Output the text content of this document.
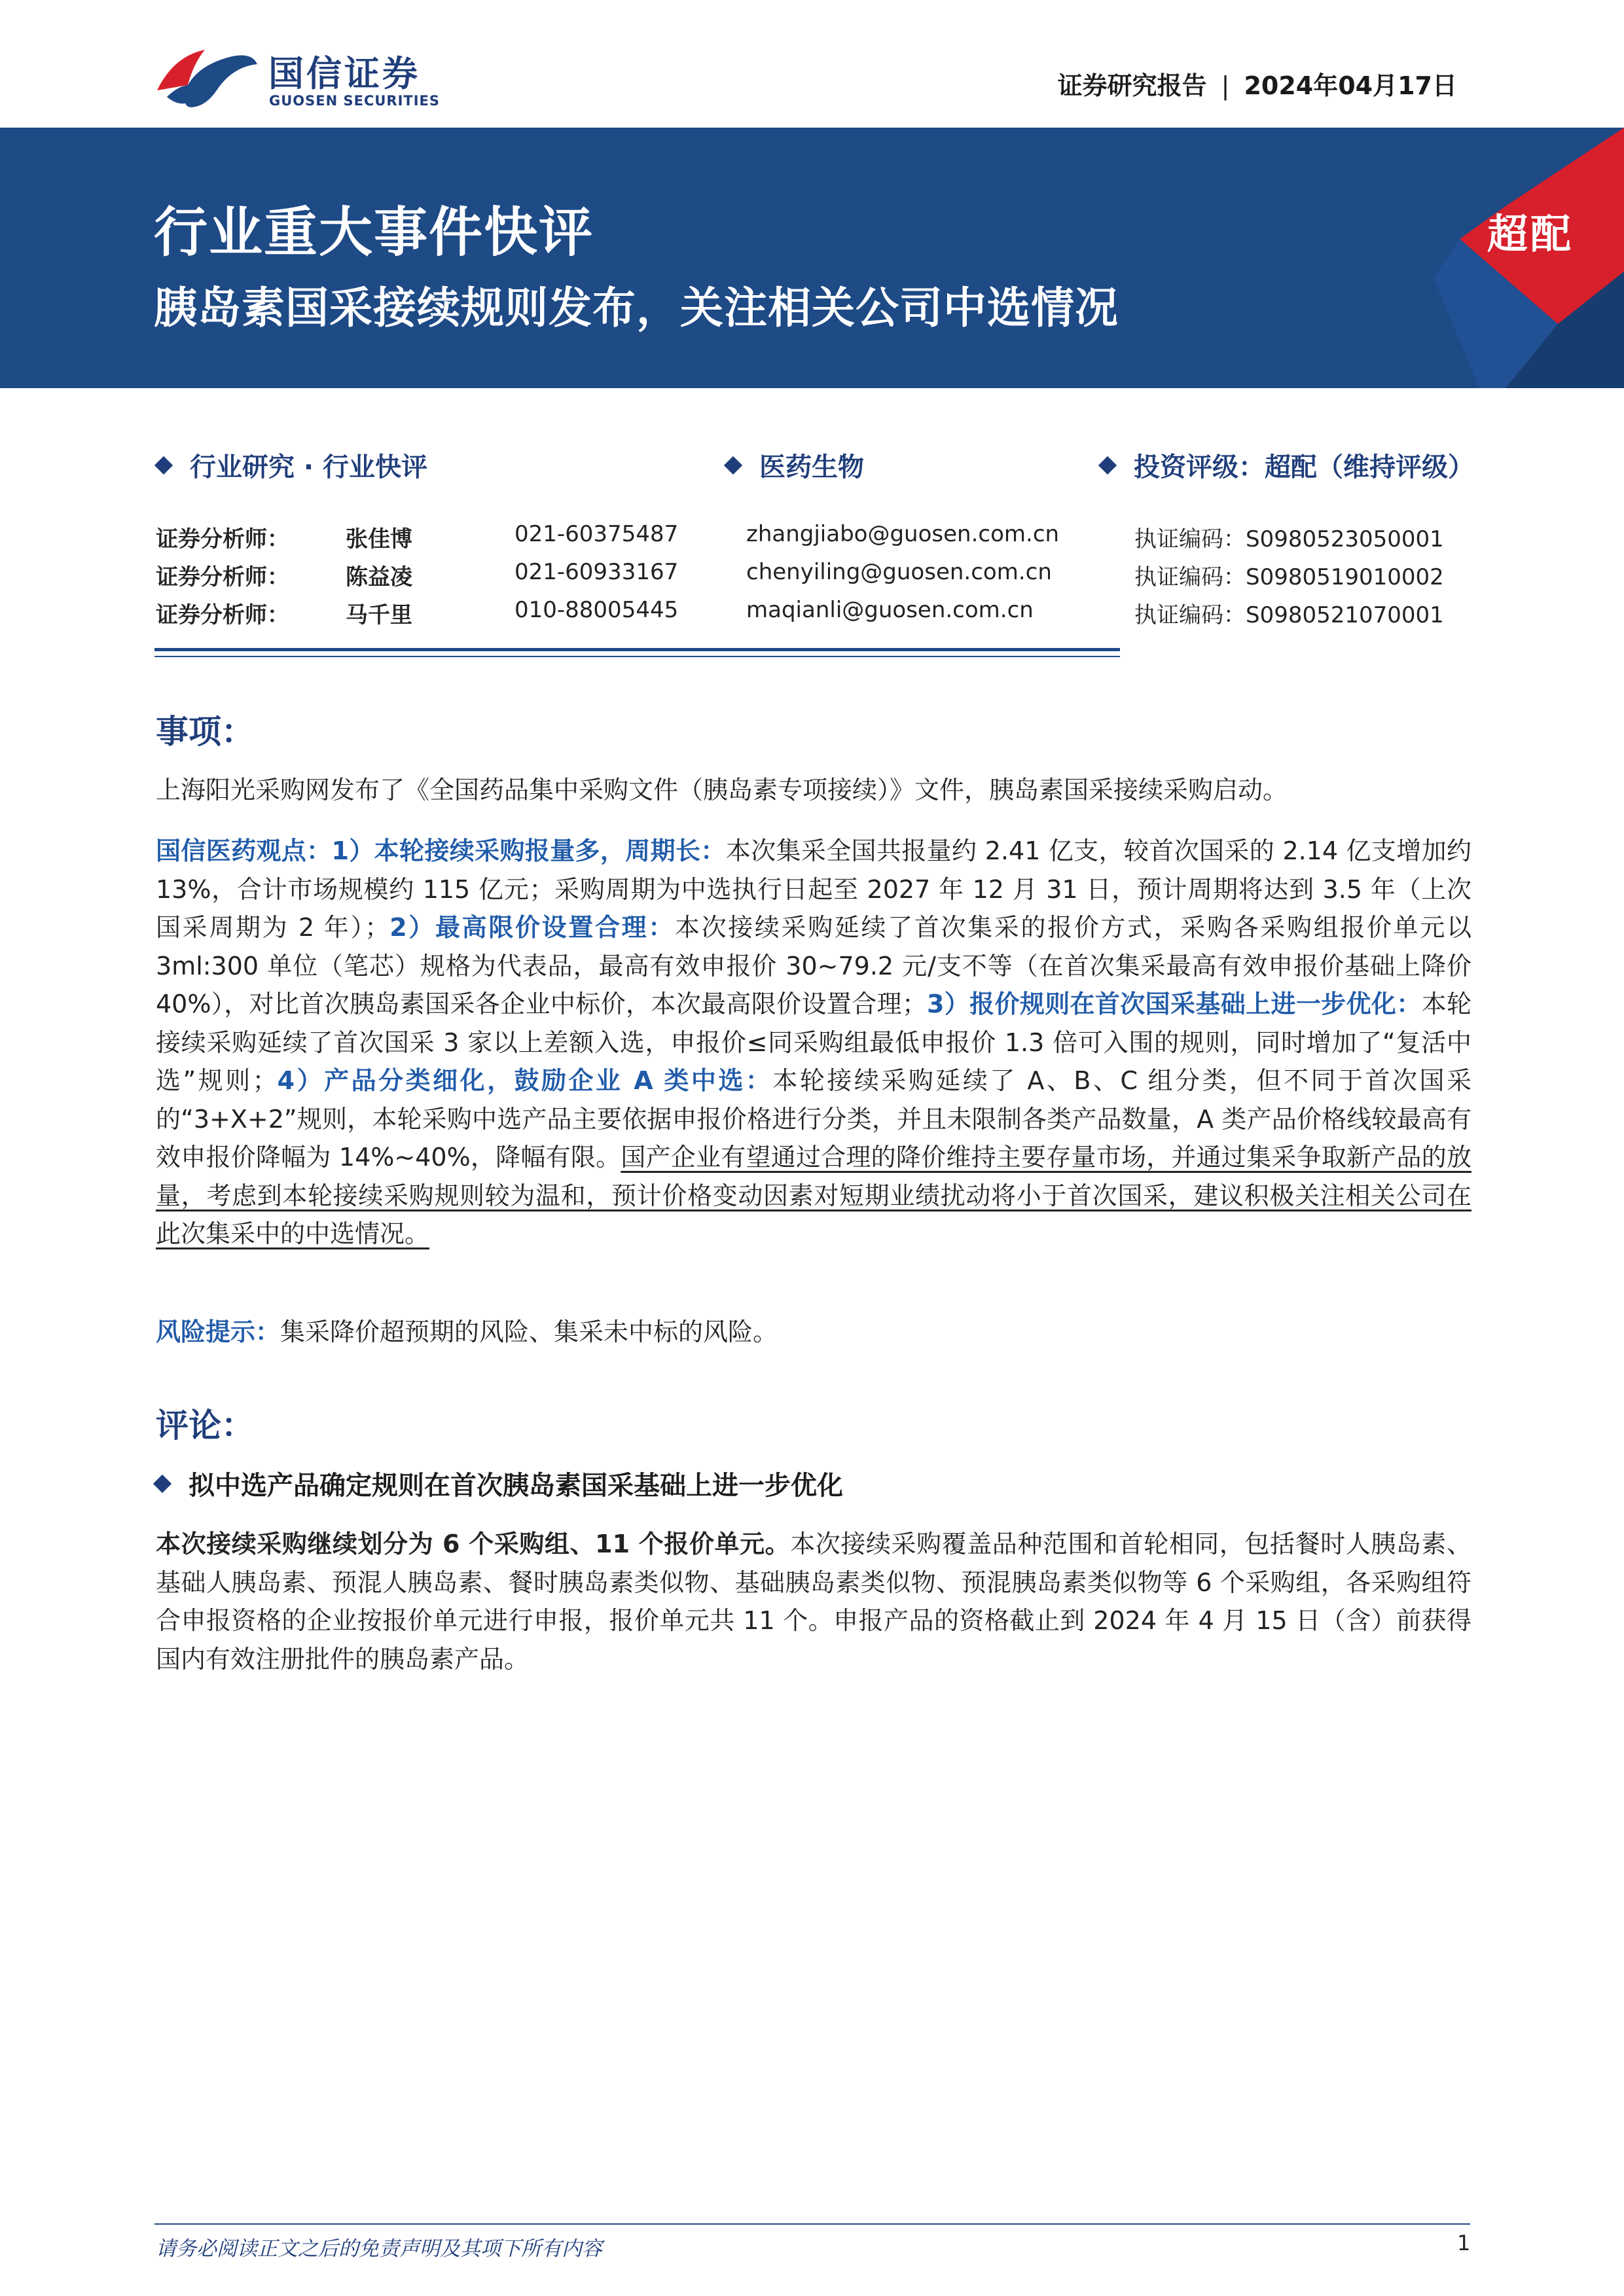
国信证券
GUOSEN SECURITIES
证券研究报告 | 2024年04月17日
超配
行业重大事件快评
胰岛素国采接续规则发布，关注相关公司中选情况
行业研究 · 行业快评	医药生物	投资评级：超配（维持评级）
证券分析师：	张佳博	021-60375487	zhangjiabo@guosen.com.cn	执证编码：S0980523050001
证券分析师：	陈益凌	021-60933167	chenyiling@guosen.com.cn	执证编码：S0980519010002
证券分析师：	马千里	010-88005445	maqianli@guosen.com.cn	执证编码：S0980521070001
事项：

上海阳光采购网发布了《全国药品集中采购文件（胰岛素专项接续）》文件，胰岛素国采接续采购启动。

国信医药观点：1）本轮接续采购报量多，周期长：本次集采全国共报量约 2.41 亿支，较首次国采的 2.14 亿支增加约 13%，合计市场规模约 115 亿元；采购周期为中选执行日起至 2027 年 12 月 31 日，预计周期将达到 3.5 年（上次国采周期为 2 年）；2）最高限价设置合理：本次接续采购延续了首次集采的报价方式，采购各采购组报价单元以 3ml:300 单位（笔芯）规格为代表品，最高有效申报价 30~79.2 元/支不等（在首次集采最高有效申报价基础上降价 40%），对比首次胰岛素国采各企业中标价，本次最高限价设置合理；3）报价规则在首次国采基础上进一步优化：本轮接续采购延续了首次国采 3 家以上差额入选，申报价≤同采购组最低申报价 1.3 倍可入围的规则，同时增加了“复活中选”规则；4）产品分类细化，鼓励企业 A 类中选：本轮接续采购延续了 A、B、C 组分类，但不同于首次国采的“3+X+2”规则，本轮采购中选产品主要依据申报价格进行分类，并且未限制各类产品数量，A 类产品价格线较最高有效申报价降幅为 14%~40%，降幅有限。国产企业有望通过合理的降价维持主要存量市场，并通过集采争取新产品的放量，考虑到本轮接续采购规则较为温和，预计价格变动因素对短期业绩扰动将小于首次国采，建议积极关注相关公司在此次集采中的中选情况。

风险提示：集采降价超预期的风险、集采未中标的风险。

评论：
拟中选产品确定规则在首次胰岛素国采基础上进一步优化

本次接续采购继续划分为 6 个采购组、11 个报价单元。本次接续采购覆盖品种范围和首轮相同，包括餐时人胰岛素、基础人胰岛素、预混人胰岛素、餐时胰岛素类似物、基础胰岛素类似物、预混胰岛素类似物等 6 个采购组，各采购组符合申报资格的企业按报价单元进行申报，报价单元共 11 个。申报产品的资格截止到 2024 年 4 月 15 日（含）前获得国内有效注册批件的胰岛素产品。

请务必阅读正文之后的免责声明及其项下所有内容	1
